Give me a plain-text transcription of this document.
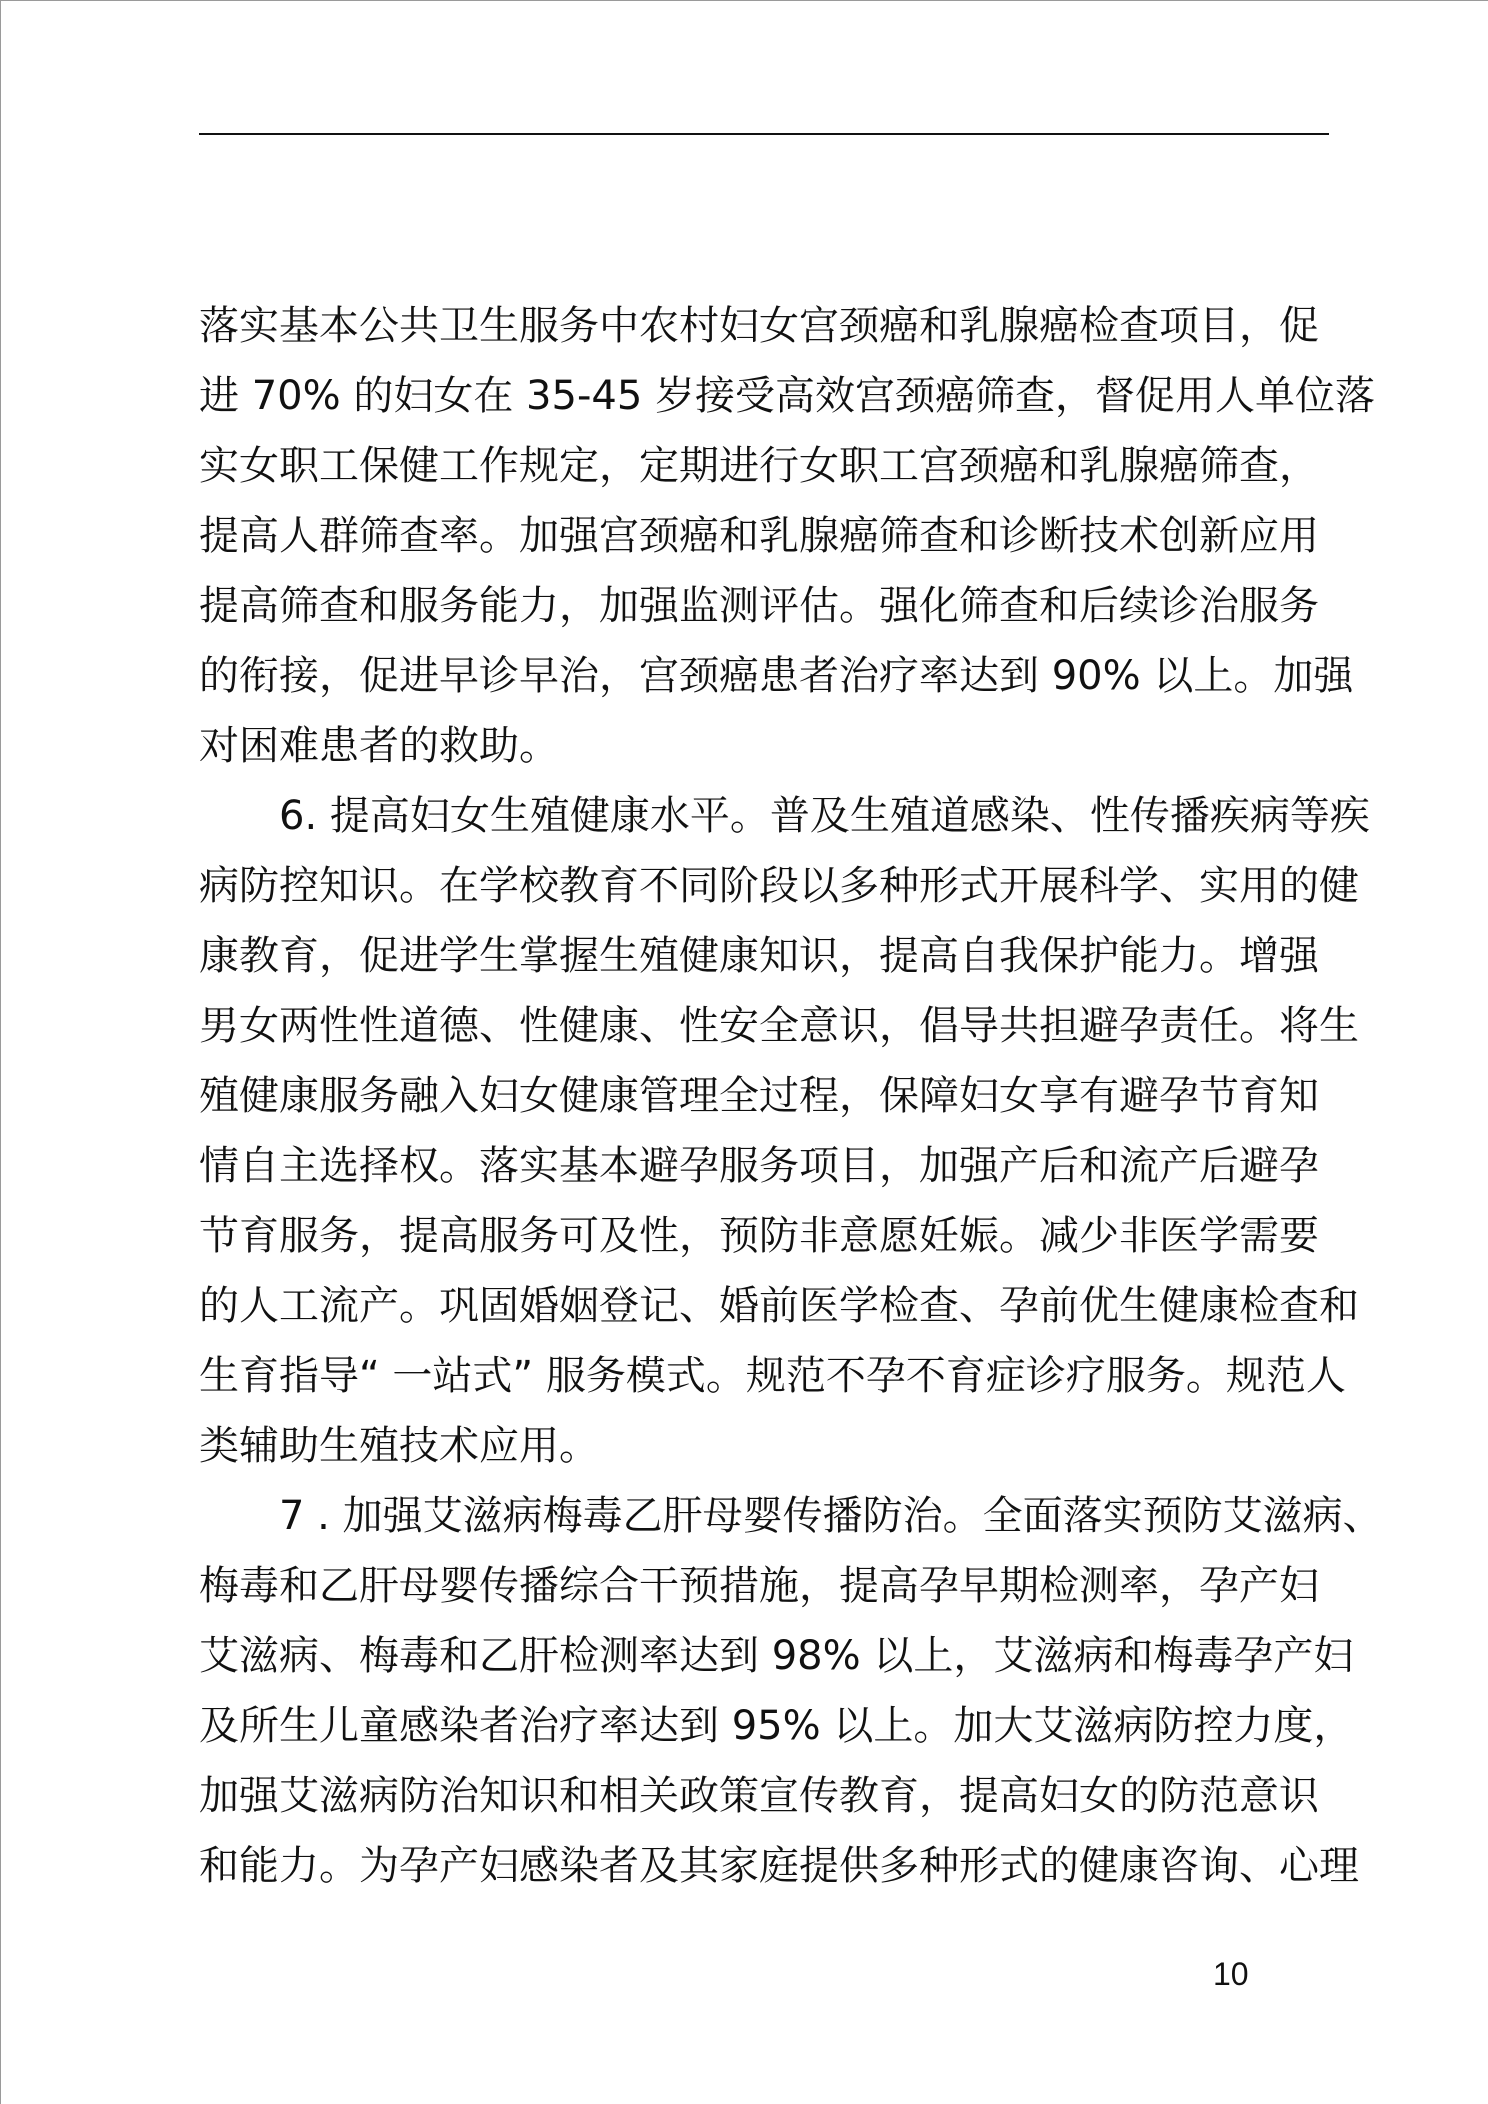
落实基本公共卫生服务中农村妇女宫颈癌和乳腺癌检查项目，促
进 70% 的妇女在 35-45 岁接受高效宫颈癌筛查，督促用人单位落
实女职工保健工作规定，定期进行女职工宫颈癌和乳腺癌筛查，
提高人群筛查率。加强宫颈癌和乳腺癌筛查和诊断技术创新应用
提高筛查和服务能力，加强监测评估。强化筛查和后续诊治服务
的衔接，促进早诊早治，宫颈癌患者治疗率达到 90% 以上。加强
对困难患者的救助。
6. 提高妇女生殖健康水平。普及生殖道感染、性传播疾病等疾
病防控知识。在学校教育不同阶段以多种形式开展科学、实用的健
康教育，促进学生掌握生殖健康知识，提高自我保护能力。增强
男女两性性道德、性健康、性安全意识，倡导共担避孕责任。将生
殖健康服务融入妇女健康管理全过程，保障妇女享有避孕节育知
情自主选择权。落实基本避孕服务项目，加强产后和流产后避孕
节育服务，提高服务可及性，预防非意愿妊娠。减少非医学需要
的人工流产。巩固婚姻登记、婚前医学检查、孕前优生健康检查和
生育指导“ 一站式” 服务模式。规范不孕不育症诊疗服务。规范人
类辅助生殖技术应用。
7 . 加强艾滋病梅毒乙肝母婴传播防治。全面落实预防艾滋病、
梅毒和乙肝母婴传播综合干预措施，提高孕早期检测率，孕产妇
艾滋病、梅毒和乙肝检测率达到 98% 以上，艾滋病和梅毒孕产妇
及所生儿童感染者治疗率达到 95% 以上。加大艾滋病防控力度，
加强艾滋病防治知识和相关政策宣传教育，提高妇女的防范意识
和能力。为孕产妇感染者及其家庭提供多种形式的健康咨询、心理
10
